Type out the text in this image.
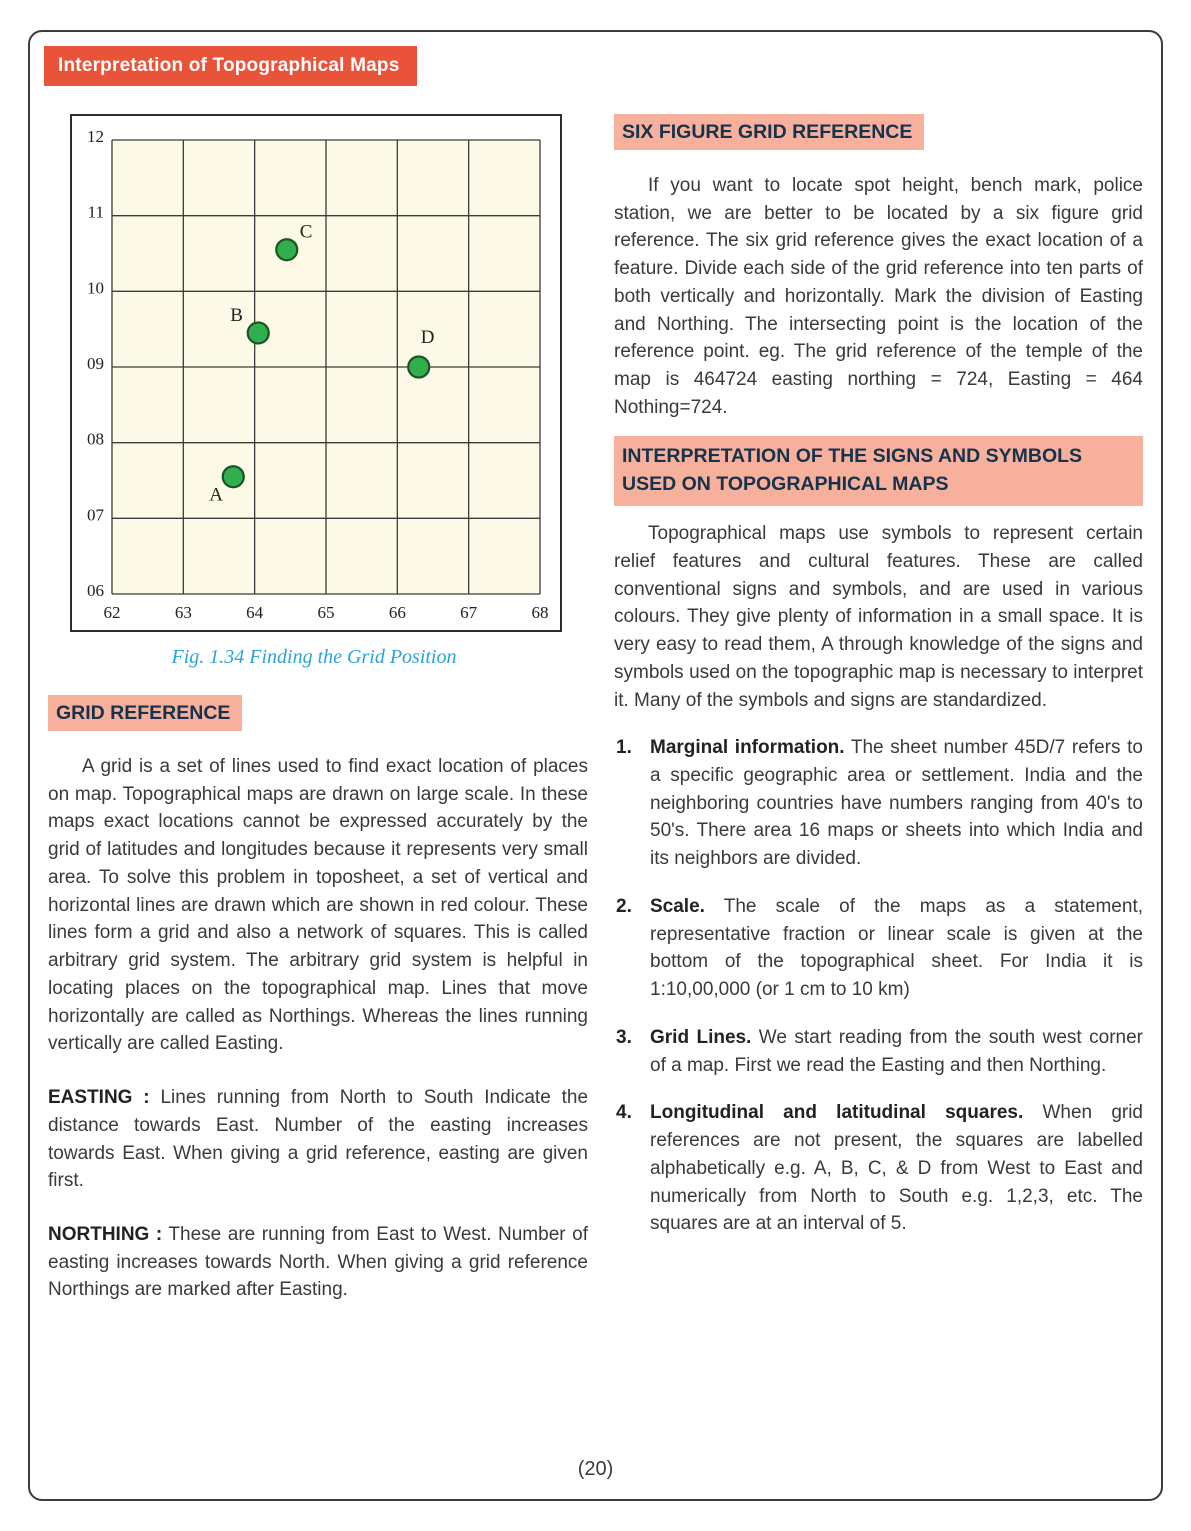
Interpretation of Topographical Maps
62	63	64	65	66	67	68
12
11
10
09
08
07
06
A
B
C
D
Fig. 1.34 Finding the Grid Position
GRID REFERENCE

A grid is a set of lines used to find exact location of places on map. Topographical maps are drawn on large scale. In these maps exact locations cannot be expressed accurately by the grid of latitudes and longitudes because it represents very small area. To solve this problem in toposheet, a set of vertical and horizontal lines are drawn which are shown in red colour. These lines form a grid and also a network of squares. This is called arbitrary grid system. The arbitrary grid system is helpful in locating places on the topographical map. Lines that move horizontally are called as Northings. Whereas the lines running vertically are called Easting.

EASTING : Lines running from North to South Indicate the distance towards East. Number of the easting increases towards East. When giving a grid reference, easting are given first.

NORTHING : These are running from East to West. Number of easting increases towards North. When giving a grid reference Northings are marked after Easting.

SIX FIGURE GRID REFERENCE

If you want to locate spot height, bench mark, police station, we are better to be located by a six figure grid reference. The six grid reference gives the exact location of a feature. Divide each side of the grid reference into ten parts of both vertically and horizontally. Mark the division of Easting and Northing. The intersecting point is the location of the reference point. eg. The grid reference of the temple of the map is 464724 easting northing = 724, Easting = 464 Nothing=724.

INTERPRETATION OF THE SIGNS AND SYMBOLS USED ON TOPOGRAPHICAL MAPS

Topographical maps use symbols to represent certain relief features and cultural features. These are called conventional signs and symbols, and are used in various colours. They give plenty of information in a small space. It is very easy to read them, A through knowledge of the signs and symbols used on the topographic map is necessary to interpret it. Many of the symbols and signs are standardized.

1. Marginal information. The sheet number 45D/7 refers to a specific geographic area or settlement. India and the neighboring countries have numbers ranging from 40's to 50's. There area 16 maps or sheets into which India and its neighbors are divided.
2. Scale. The scale of the maps as a statement, representative fraction or linear scale is given at the bottom of the topographical sheet. For India it is 1:10,00,000 (or 1 cm to 10 km)
3. Grid Lines. We start reading from the south west corner of a map. First we read the Easting and then Northing.
4. Longitudinal and latitudinal squares. When grid references are not present, the squares are labelled alphabetically e.g. A, B, C, & D from West to East and numerically from North to South e.g. 1,2,3, etc. The squares are at an interval of 5.
(20)
